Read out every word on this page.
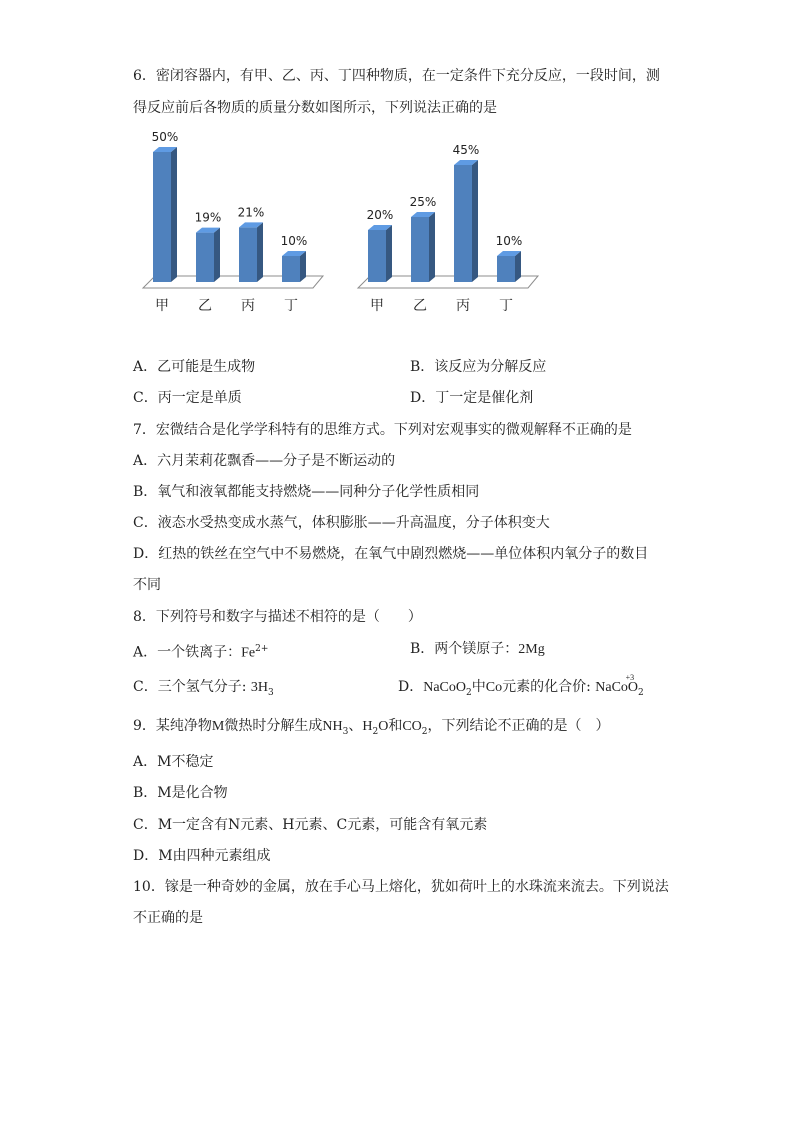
6．密闭容器内，有甲、乙、丙、丁四种物质，在一定条件下充分反应，一段时间，测
得反应前后各物质的质量分数如图所示，下列说法正确的是
50%
甲
19%
乙
21%
丙
10%
丁
20%
甲
25%
乙
45%
丙
10%
丁
A．乙可能是生成物	B．该反应为分解反应
C．丙一定是单质	D．丁一定是催化剂
7．宏微结合是化学学科特有的思维方式。下列对宏观事实的微观解释不正确的是
A．六月茉莉花飘香——分子是不断运动的
B．氧气和液氧都能支持燃烧——同种分子化学性质相同
C．液态水受热变成水蒸气，体积膨胀——升高温度，分子体积变大
D．红热的铁丝在空气中不易燃烧，在氧气中剧烈燃烧——单位体积内氧分子的数目
不同
8．下列符号和数字与描述不相符的是（　　）
A．一个铁离子：$Fe^{2+}$	B．两个镁原子：2Mg
C．三个氢气分子: $3H_3$	D．NaCoO$_2$中Co元素的化合价: Na
+3
CoO$_2$
9．某纯净物M微热时分解生成$NH_3$、$H_2O$和$CO_2$，下列结论不正确的是（　）
A．M不稳定
B．M是化合物
C．M一定含有N元素、H元素、C元素，可能含有氧元素
D．M由四种元素组成
10．镓是一种奇妙的金属，放在手心马上熔化，犹如荷叶上的水珠流来流去。下列说法
不正确的是
